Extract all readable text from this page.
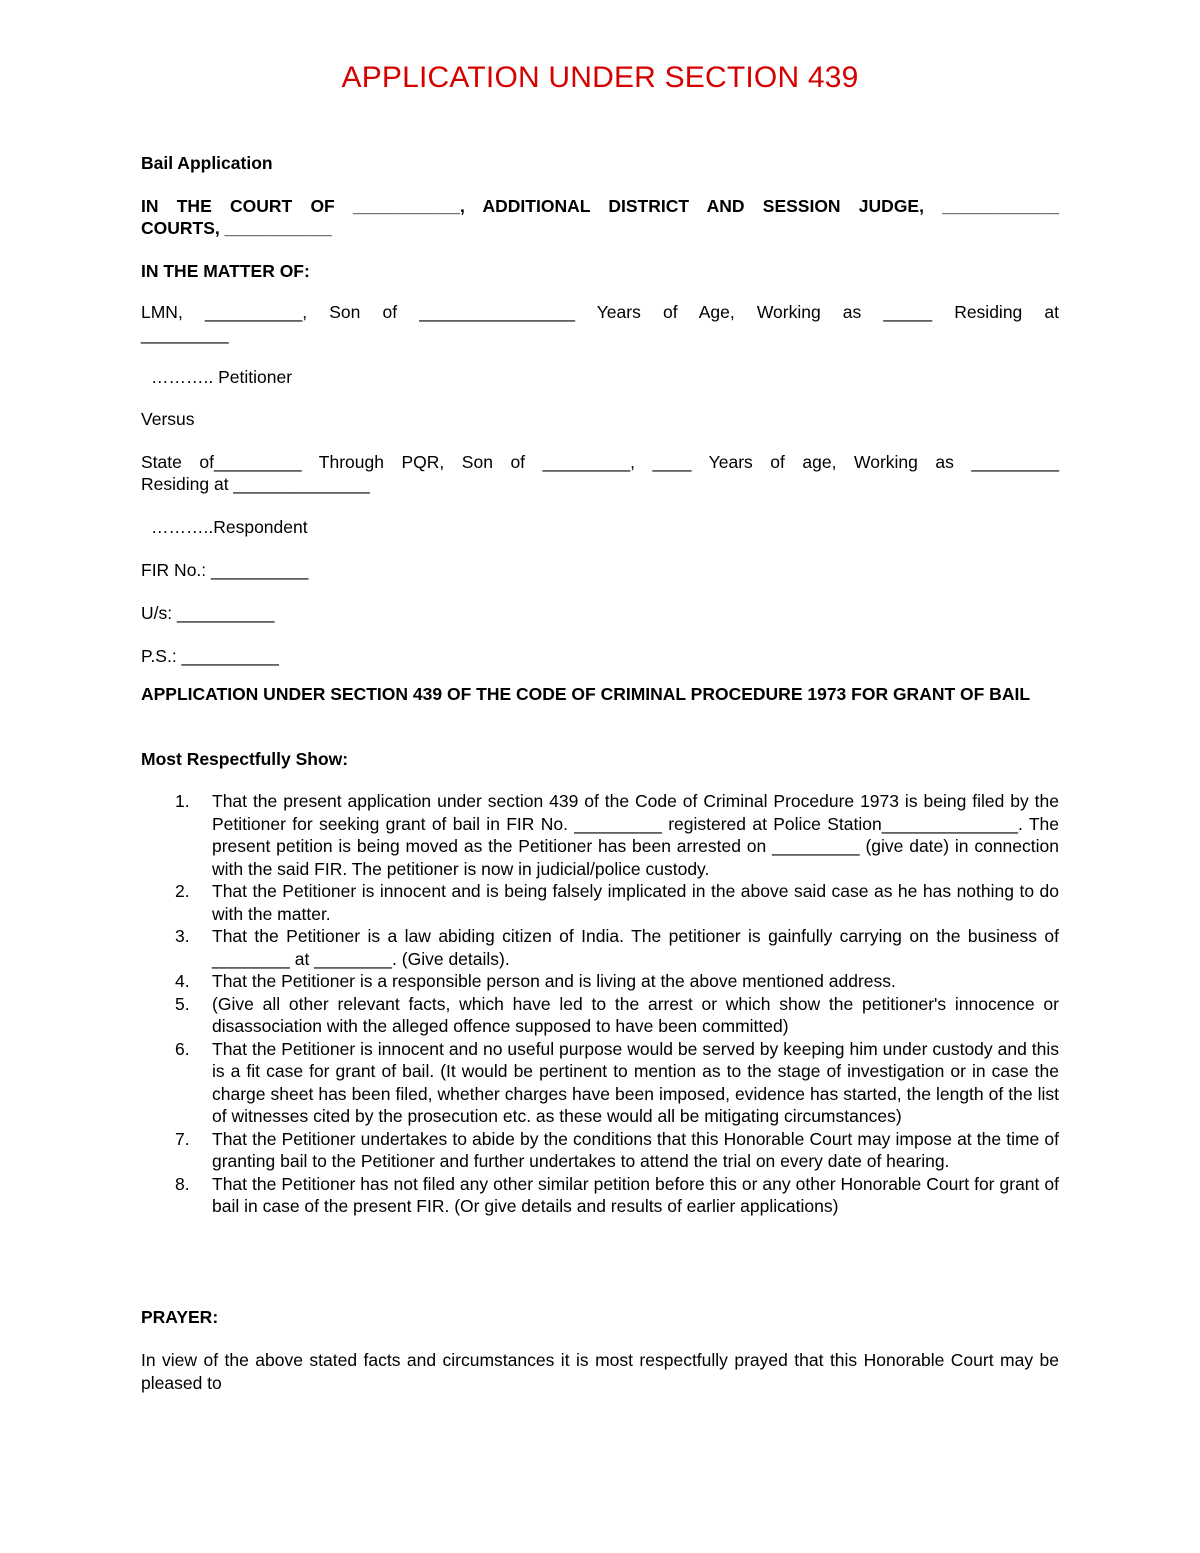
APPLICATION UNDER SECTION 439

Bail Application

IN THE COURT OF ___________, ADDITIONAL DISTRICT AND SESSION JUDGE, ____________

COURTS, ___________

IN THE MATTER OF:

LMN, __________, Son of ________________ Years of Age, Working as _____ Residing at

_________

……….. Petitioner

Versus

State of_________ Through PQR, Son of _________, ____ Years of age, Working as _________

Residing at ______________

………..Respondent

FIR No.: __________

U/s: __________

P.S.: __________

APPLICATION UNDER SECTION 439 OF THE CODE OF CRIMINAL PROCEDURE 1973 FOR GRANT OF BAIL

Most Respectfully Show:

1. That the present application under section 439 of the Code of Criminal Procedure 1973 is being filed by the Petitioner for seeking grant of bail in FIR No. _________ registered at Police Station______________. The present petition is being moved as the Petitioner has been arrested on _________ (give date) in connection with the said FIR. The petitioner is now in judicial/police custody.
2. That the Petitioner is innocent and is being falsely implicated in the above said case as he has nothing to do with the matter.
3. That the Petitioner is a law abiding citizen of India. The petitioner is gainfully carrying on the business of ________ at ________. (Give details).
4. That the Petitioner is a responsible person and is living at the above mentioned address.
5. (Give all other relevant facts, which have led to the arrest or which show the petitioner's innocence or disassociation with the alleged offence supposed to have been committed)
6. That the Petitioner is innocent and no useful purpose would be served by keeping him under custody and this is a fit case for grant of bail. (It would be pertinent to mention as to the stage of investigation or in case the charge sheet has been filed, whether charges have been imposed, evidence has started, the length of the list of witnesses cited by the prosecution etc. as these would all be mitigating circumstances)
7. That the Petitioner undertakes to abide by the conditions that this Honorable Court may impose at the time of granting bail to the Petitioner and further undertakes to attend the trial on every date of hearing.
8. That the Petitioner has not filed any other similar petition before this or any other Honorable Court for grant of bail in case of the present FIR. (Or give details and results of earlier applications)

PRAYER:

In view of the above stated facts and circumstances it is most respectfully prayed that this Honorable Court may be pleased to
